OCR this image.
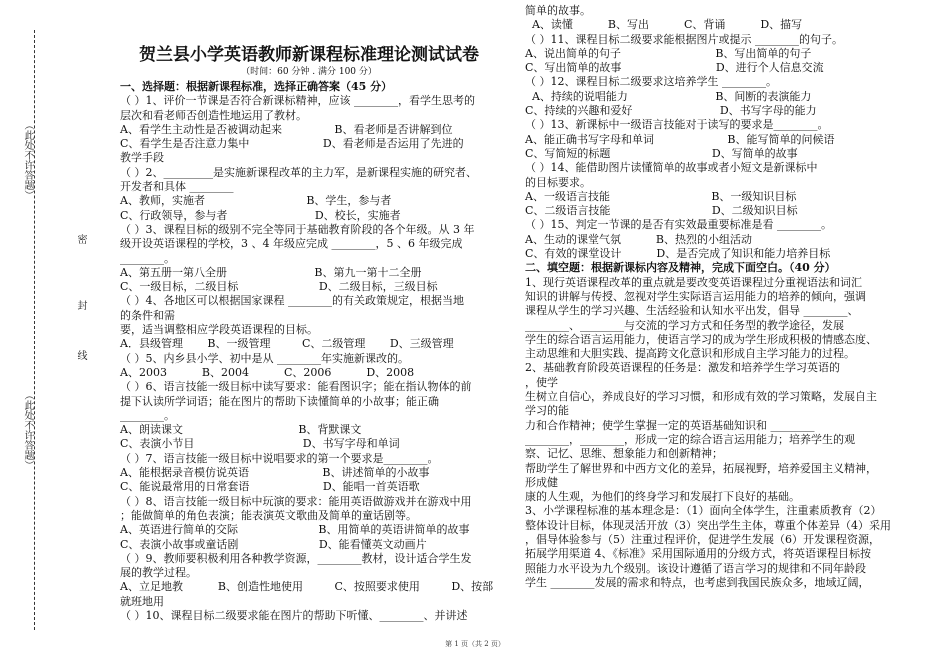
（此处不许答题）
密
封
线
（此处不许答题）
贺兰县小学英语教师新课程标准理论测试试卷
（时间：60 分钟 . 满分 100 分）

一、选择题：根据新课程标准，选择正确答案（45 分）

（ ）1、评价一节课是否符合新课标精神，应该 ________，看学生思考的

层次和看老师否创造性地运用了教材。

A、看学生主动性是否被调动起来               B、看老师是否讲解到位

C、看学生是否注意力集中                     D、看老师是否运用了先进的

教学手段

（ ）2、_________是实施新课程改革的主力军，是新课程实施的研究者、

开发者和具体 ________

A、教师，实施者                             B、学生，参与者

C、行政领导，参与者                         D、校长，实施者

（ ）3、课程目标的级别不完全等同于基础教育阶段的各个年级。从 3 年

级开设英语课程的学校，3 、4 年级应完成 ________，5 、6 年级完成

________。

A、第五册一第八全册                         B、第九一第十二全册

C、一级目标，二级目标                       D、二级目标，三级目标

（ ）4、各地区可以根据国家课程 ________的有关政策规定，根据当地

的条件和需

要，适当调整相应学段英语课程的目标。

A．县级管理       B、一级管理         C、二级管理       D、三级管理

（ ）5、内乡县小学、初中是从 ________年实施新课改的。

A、2003          B、2004          C、2006          D、2008

（ ）6、语言技能一级目标中读写要求：能看图识字；能在指认物体的前

提下认读所学词语；能在图片的帮助下读懂简单的小故事；能正确

________。

A、朗读课文                                 B、背默课文

C、表演小节目                               D、书写字母和单词

（ ）7、语言技能一级目标中说唱要求的第一个要求是________。

A、能根据录音模仿说英语                     B、讲述简单的小故事

C、能说最常用的日常套语                     D、能唱一首英语歌

（ ）8、语言技能一级目标中玩演的要求：能用英语做游戏并在游戏中用

；能做简单的角色表演；能表演英文歌曲及简单的童话剧等。

A、英语进行简单的交际                       B、用简单的英语讲简单的故事

C、表演小故事或童话剧                       D、能看懂英文动画片

（ ）9、教师要积极利用各种教学资源，________教材，设计适合学生发

展的教学过程。

A、立足地教          B、创造性地使用         C、按照要求使用         D、按部

就班地用

（ ）10、课程目标二级要求能在图片的帮助下听懂、________、并讲述

简单的故事。

A、读懂          B、写出          C、背诵          D、描写

（ ）11、课程目标二级要求能根据图片或提示 ________的句子。

A、说出简单的句子                           B、写出简单的句子

C、写出简单的故事                           D、进行个人信息交流

（ ）12、课程目标二级要求这培养学生 ________。

A、持续的说唱能力                         B、间断的表演能力

C、持续的兴趣和爱好                         D、书写字母的能力

（ ）13、新课标中一级语言技能对于读写的要求是________。

A、能正确书写字母和单词                     B、能写简单的问候语

C、写简短的标题                             D、写简单的故事

（ ）14、能借助图片读懂简单的故事或者小短文是新课标中

的目标要求。

A、一级语言技能                             B、一级知识目标

C、二级语言技能                             D、二级知识目标

（ ）15、判定一节课的是否有实效最重要标准是看 ________。

A、生动的课堂气氛          B、热烈的小组活动

C、有效的课堂设计          D、是否完成了知识和能力培养目标

二、填空题：根据新课标内容及精神，完成下面空白。（40 分）

1、现行英语课程改革的重点就是要改变英语课程过分重视语法和词汇

知识的讲解与传授、忽视对学生实际语言运用能力的培养的倾向，强调

课程从学生的学习兴趣、生活经验和认知水平出发，倡导 ________、

________、________与交流的学习方式和任务型的教学途径，发展

学生的综合语言运用能力，使语言学习的成为学生形成积极的情感态度、

主动思维和大胆实践、提高跨文化意识和形成自主学习能力的过程。

2、基础教育阶段英语课程的任务是：激发和培养学生学习英语的

，使学

生树立自信心，养成良好的学习习惯，和形成有效的学习策略，发展自主

学习的能

力和合作精神；使学生掌握一定的英语基础知识和 ________

________，________，形成一定的综合语言运用能力；培养学生的观

察、记忆、思维、想象能力和创新精神；

帮助学生了解世界和中西方文化的差异，拓展视野，培养爱国主义精神，

形成健

康的人生观，为他们的终身学习和发展打下良好的基础。

3、小学课程标准的基本理念是：（1）面向全体学生，注重素质教育（2）

整体设计目标，体现灵活开放（3）突出学生主体，尊重个体差异（4）采用

，倡导体验参与（5）注重过程评价，促进学生发展（6）开发课程资源，

拓展学用渠道 4、《标准》采用国际通用的分级方式，将英语课程目标按

照能力水平设为九个级别。该设计遵循了语言学习的规律和不同年龄段

学生 ________发展的需求和特点，也考虑到我国民族众多，地域辽阔，

第 1 页（共 2 页）
